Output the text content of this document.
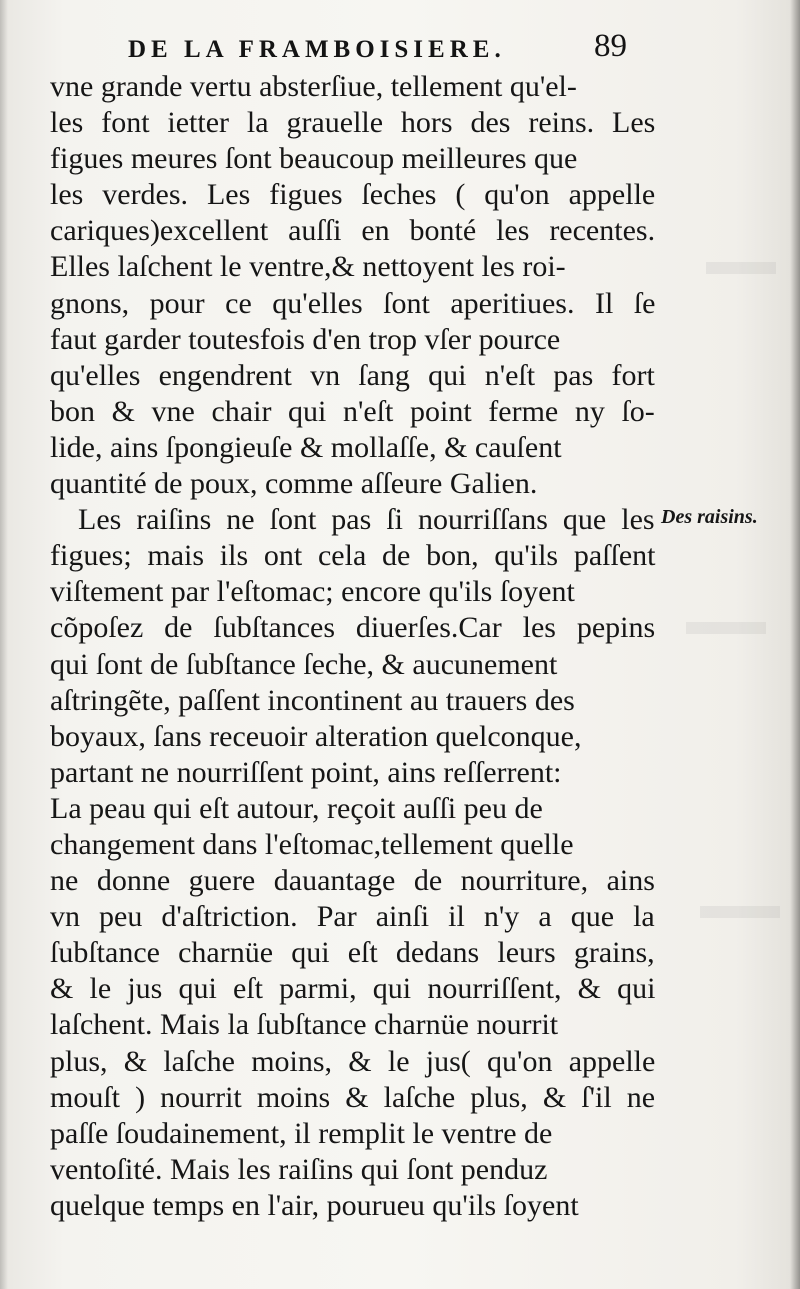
DE LA FRAMBOISIERE.	89
Des raisins.
vne grande vertu absterſiue, tellement qu'el-
les font ietter la grauelle hors des reins. Les
figues meures ſont beaucoup meilleures que
les verdes. Les figues ſeches ( qu'on appelle
cariques)excellent auſſi en bonté les recentes.
Elles laſchent le ventre,& nettoyent les roi-
gnons, pour ce qu'elles ſont aperitiues. Il ſe
faut garder toutesfois d'en trop vſer pource
qu'elles engendrent vn ſang qui n'eſt pas fort
bon & vne chair qui n'eſt point ferme ny ſo-
lide, ains ſpongieuſe & mollaſſe, & cauſent
quantité de poux, comme aſſeure Galien.
Les raiſins ne ſont pas ſi nourriſſans que les
figues; mais ils ont cela de bon, qu'ils paſſent
viſtement par l'eſtomac; encore qu'ils ſoyent
cõpoſez de ſubſtances diuerſes.Car les pepins
qui ſont de ſubſtance ſeche, & aucunement
aſtringẽte, paſſent incontinent au trauers des
boyaux, ſans receuoir alteration quelconque,
partant ne nourriſſent point, ains reſſerrent:
La peau qui eſt autour, reçoit auſſi peu de
changement dans l'eſtomac,tellement quelle
ne donne guere dauantage de nourriture, ains
vn peu d'aſtriction. Par ainſi il n'y a que la
ſubſtance charnüe qui eſt dedans leurs grains,
& le jus qui eſt parmi, qui nourriſſent, & qui
laſchent. Mais la ſubſtance charnüe nourrit
plus, & laſche moins, & le jus( qu'on appelle
mouſt ) nourrit moins & laſche plus, & ſ'il ne
paſſe ſoudainement, il remplit le ventre de
ventoſité. Mais les raiſins qui ſont penduz
quelque temps en l'air, pourueu qu'ils ſoyent
